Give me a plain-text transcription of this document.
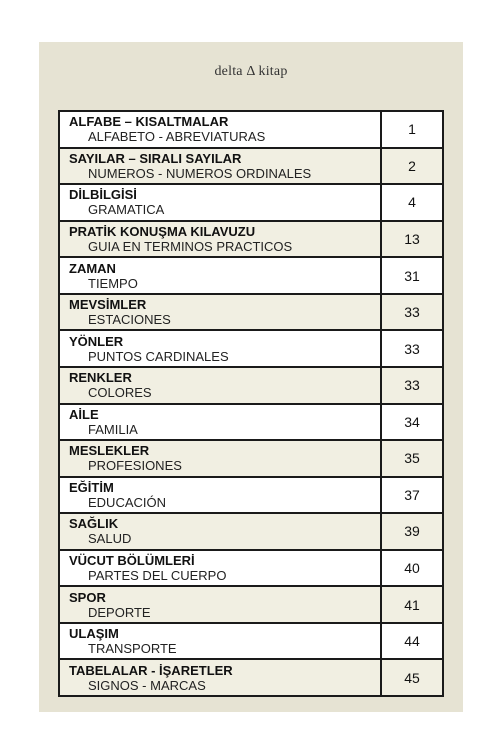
delta Δ kitap
ALFABE – KISALTMALAR
ALFABETO - ABREVIATURAS	1
SAYILAR – SIRALI SAYILAR
NUMEROS - NUMEROS ORDINALES	2
DİLBİLGİSİ
GRAMATICA	4
PRATİK KONUŞMA KILAVUZU
GUIA EN TERMINOS PRACTICOS	13
ZAMAN
TIEMPO	31
MEVSİMLER
ESTACIONES	33
YÖNLER
PUNTOS CARDINALES	33
RENKLER
COLORES	33
AİLE
FAMILIA	34
MESLEKLER
PROFESIONES	35
EĞİTİM
EDUCACIÓN	37
SAĞLIK
SALUD	39
VÜCUT BÖLÜMLERİ
PARTES DEL CUERPO	40
SPOR
DEPORTE	41
ULAŞIM
TRANSPORTE	44
TABELALAR - İŞARETLER
SIGNOS - MARCAS	45
